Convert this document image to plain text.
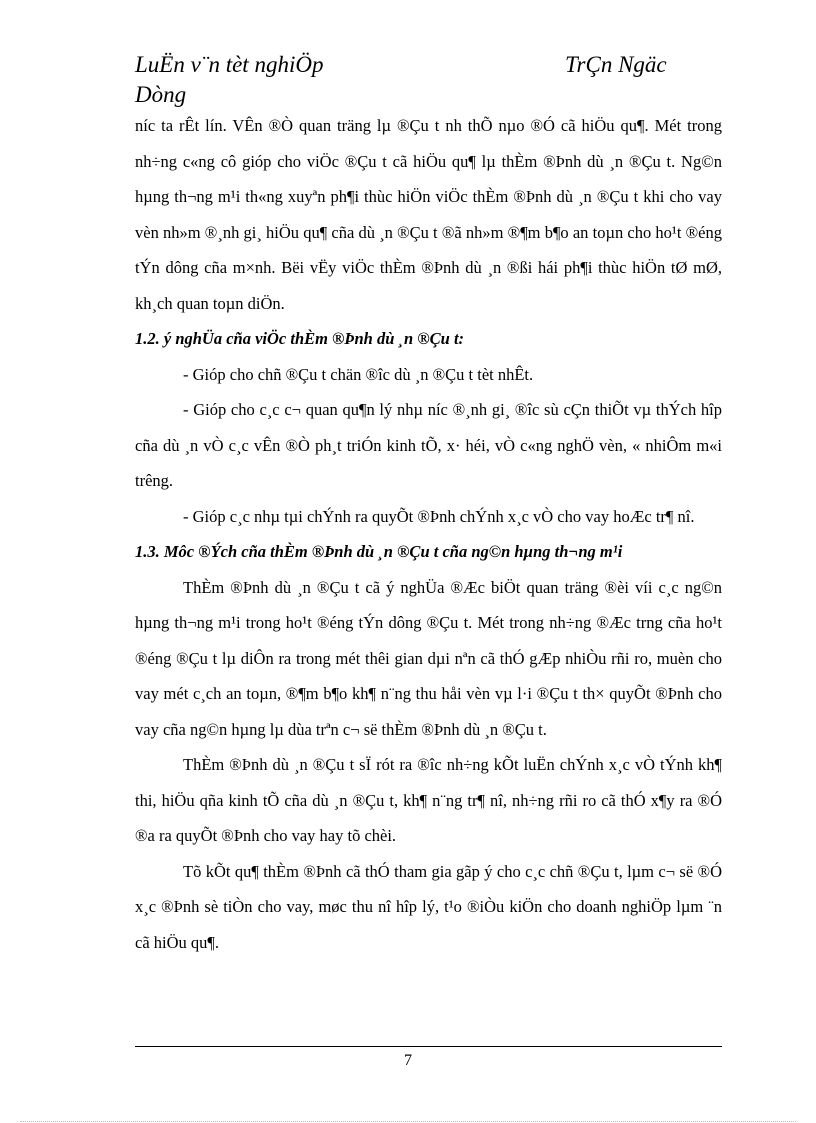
LuËn v¨n tèt nghiÖp	TrÇn Ngäc
Dòng

níc ta rÊt lín. VÊn ®Ò quan träng lµ ®Çu t nh thÕ nµo ®Ó cã hiÖu qu¶. Mét trong nh÷ng c«ng cô gióp cho viÖc ®Çu t cã hiÖu qu¶ lµ thÈm ®Þnh dù ¸n ®Çu t. Ng©n hµng th¬ng m¹i th«ng xuyªn ph¶i thùc hiÖn viÖc thÈm ®Þnh dù ¸n ®Çu t khi cho vay vèn nh»m ®¸nh gi¸ hiÖu qu¶ cña dù ¸n ®Çu t ®ã nh»m ®¶m b¶o an toµn cho ho¹t ®éng tÝn dông cña m×nh. Bëi vËy viÖc thÈm ®Þnh dù ¸n ®ßi hái ph¶i thùc hiÖn tØ mØ, kh¸ch quan toµn diÖn.

1.2. ý nghÜa cña viÖc thÈm ®Þnh dù ¸n ®Çu t:

- Gióp cho chñ ®Çu t chän ®îc dù ¸n ®Çu t tèt nhÊt.

- Gióp cho c¸c c¬ quan qu¶n lý nhµ níc ®¸nh gi¸ ®îc sù cÇn thiÕt vµ thÝch hîp cña dù ¸n vÒ c¸c vÊn ®Ò ph¸t triÓn kinh tÕ, x· héi, vÒ c«ng nghÖ vèn, « nhiÔm m«i trêng.

- Gióp c¸c nhµ tµi chÝnh ra quyÕt ®Þnh chÝnh x¸c vÒ cho vay hoÆc tr¶ nî.

1.3. Môc ®Ých cña thÈm ®Þnh dù ¸n ®Çu t cña ng©n hµng th¬ng m¹i

ThÈm ®Þnh dù ¸n ®Çu t cã ý nghÜa ®Æc biÖt quan träng ®èi víi c¸c ng©n hµng th¬ng m¹i trong ho¹t ®éng tÝn dông ®Çu t. Mét trong nh÷ng ®Æc trng cña ho¹t ®éng ®Çu t lµ diÔn ra trong mét thêi gian dµi nªn cã thÓ gÆp nhiÒu rñi ro, muèn cho vay mét c¸ch an toµn, ®¶m b¶o kh¶ n¨ng thu håi vèn vµ l·i ®Çu t th× quyÕt ®Þnh cho vay cña ng©n hµng lµ dùa trªn c¬ së thÈm ®Þnh dù ¸n ®Çu t.

ThÈm ®Þnh dù ¸n ®Çu t sÏ rót ra ®îc nh÷ng kÕt luËn chÝnh x¸c vÒ tÝnh kh¶ thi, hiÖu qña kinh tÕ cña dù ¸n ®Çu t, kh¶ n¨ng tr¶ nî, nh÷ng rñi ro cã thÓ x¶y ra ®Ó ®a ra quyÕt ®Þnh cho vay hay tõ chèi.

Tõ kÕt qu¶ thÈm ®Þnh cã thÓ tham gia gãp ý cho c¸c chñ ®Çu t, lµm c¬ së ®Ó x¸c ®Þnh sè tiÒn cho vay, møc thu nî hîp lý, t¹o ®iÒu kiÖn cho doanh nghiÖp lµm ¨n cã hiÖu qu¶.

7
